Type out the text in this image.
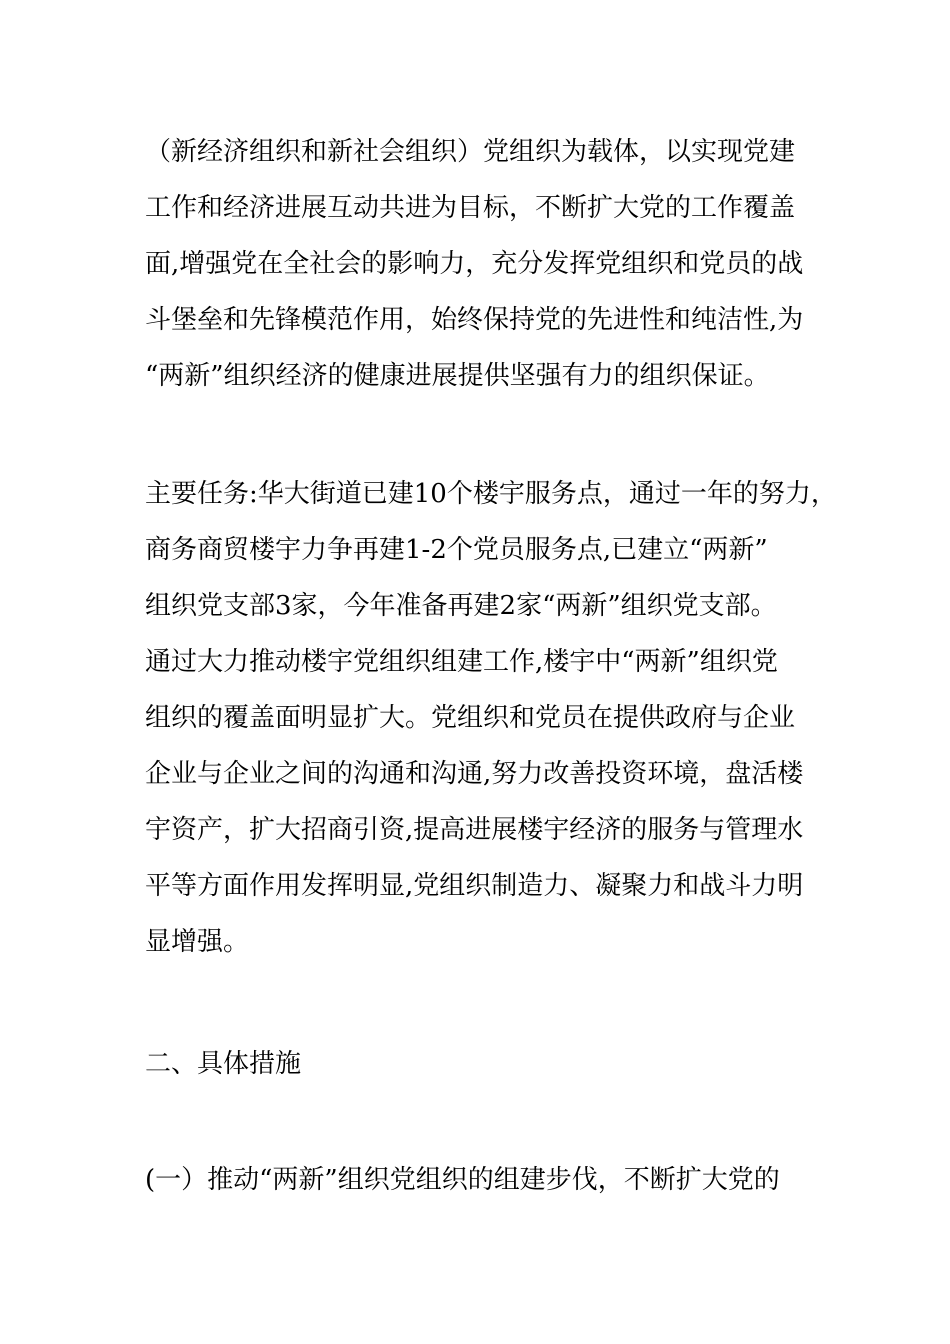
（新经济组织和新社会组织）党组织为载体，以实现党建
工作和经济进展互动共进为目标，不断扩大党的工作覆盖
面,增强党在全社会的影响力，充分发挥党组织和党员的战
斗堡垒和先锋模范作用，始终保持党的先进性和纯洁性,为
“两新”组织经济的健康进展提供坚强有力的组织保证。
主要任务:华大街道已建10个楼宇服务点，通过一年的努力，
商务商贸楼宇力争再建1-2个党员服务点,已建立“两新”
组织党支部3家，今年准备再建2家“两新”组织党支部。
通过大力推动楼宇党组织组建工作,楼宇中“两新”组织党
组织的覆盖面明显扩大。党组织和党员在提供政府与企业
企业与企业之间的沟通和沟通,努力改善投资环境，盘活楼
宇资产，扩大招商引资,提高进展楼宇经济的服务与管理水
平等方面作用发挥明显,党组织制造力、凝聚力和战斗力明
显增强。
二、具体措施
(一）推动“两新”组织党组织的组建步伐，不断扩大党的
